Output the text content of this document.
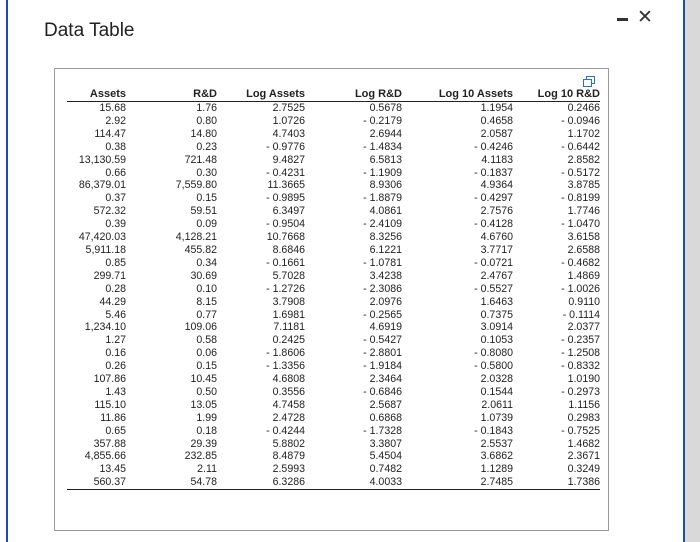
Data Table
✕
Assets	R&D	Log Assets	Log R&D	Log 10 Assets	Log 10 R&D
15.68	1.76	2.7525	0.5678	1.1954	0.2466
2.92	0.80	1.0726	- 0.2179	0.4658	- 0.0946
114.47	14.80	4.7403	2.6944	2.0587	1.1702
0.38	0.23	- 0.9776	- 1.4834	- 0.4246	- 0.6442
13,130.59	721.48	9.4827	6.5813	4.1183	2.8582
0.66	0.30	- 0.4231	- 1.1909	- 0.1837	- 0.5172
86,379.01	7,559.80	11.3665	8.9306	4.9364	3.8785
0.37	0.15	- 0.9895	- 1.8879	- 0.4297	- 0.8199
572.32	59.51	6.3497	4.0861	2.7576	1.7746
0.39	0.09	- 0.9504	- 2.4109	- 0.4128	- 1.0470
47,420.03	4,128.21	10.7668	8.3256	4.6760	3.6158
5,911.18	455.82	8.6846	6.1221	3.7717	2.6588
0.85	0.34	- 0.1661	- 1.0781	- 0.0721	- 0.4682
299.71	30.69	5.7028	3.4238	2.4767	1.4869
0.28	0.10	- 1.2726	- 2.3086	- 0.5527	- 1.0026
44.29	8.15	3.7908	2.0976	1.6463	0.9110
5.46	0.77	1.6981	- 0.2565	0.7375	- 0.1114
1,234.10	109.06	7.1181	4.6919	3.0914	2.0377
1.27	0.58	0.2425	- 0.5427	0.1053	- 0.2357
0.16	0.06	- 1.8606	- 2.8801	- 0.8080	- 1.2508
0.26	0.15	- 1.3356	- 1.9184	- 0.5800	- 0.8332
107.86	10.45	4.6808	2.3464	2.0328	1.0190
1.43	0.50	0.3556	- 0.6846	0.1544	- 0.2973
115.10	13.05	4.7458	2.5687	2.0611	1.1156
11.86	1.99	2.4728	0.6868	1.0739	0.2983
0.65	0.18	- 0.4244	- 1.7328	- 0.1843	- 0.7525
357.88	29.39	5.8802	3.3807	2.5537	1.4682
4,855.66	232.85	8.4879	5.4504	3.6862	2.3671
13.45	2.11	2.5993	0.7482	1.1289	0.3249
560.37	54.78	6.3286	4.0033	2.7485	1.7386
